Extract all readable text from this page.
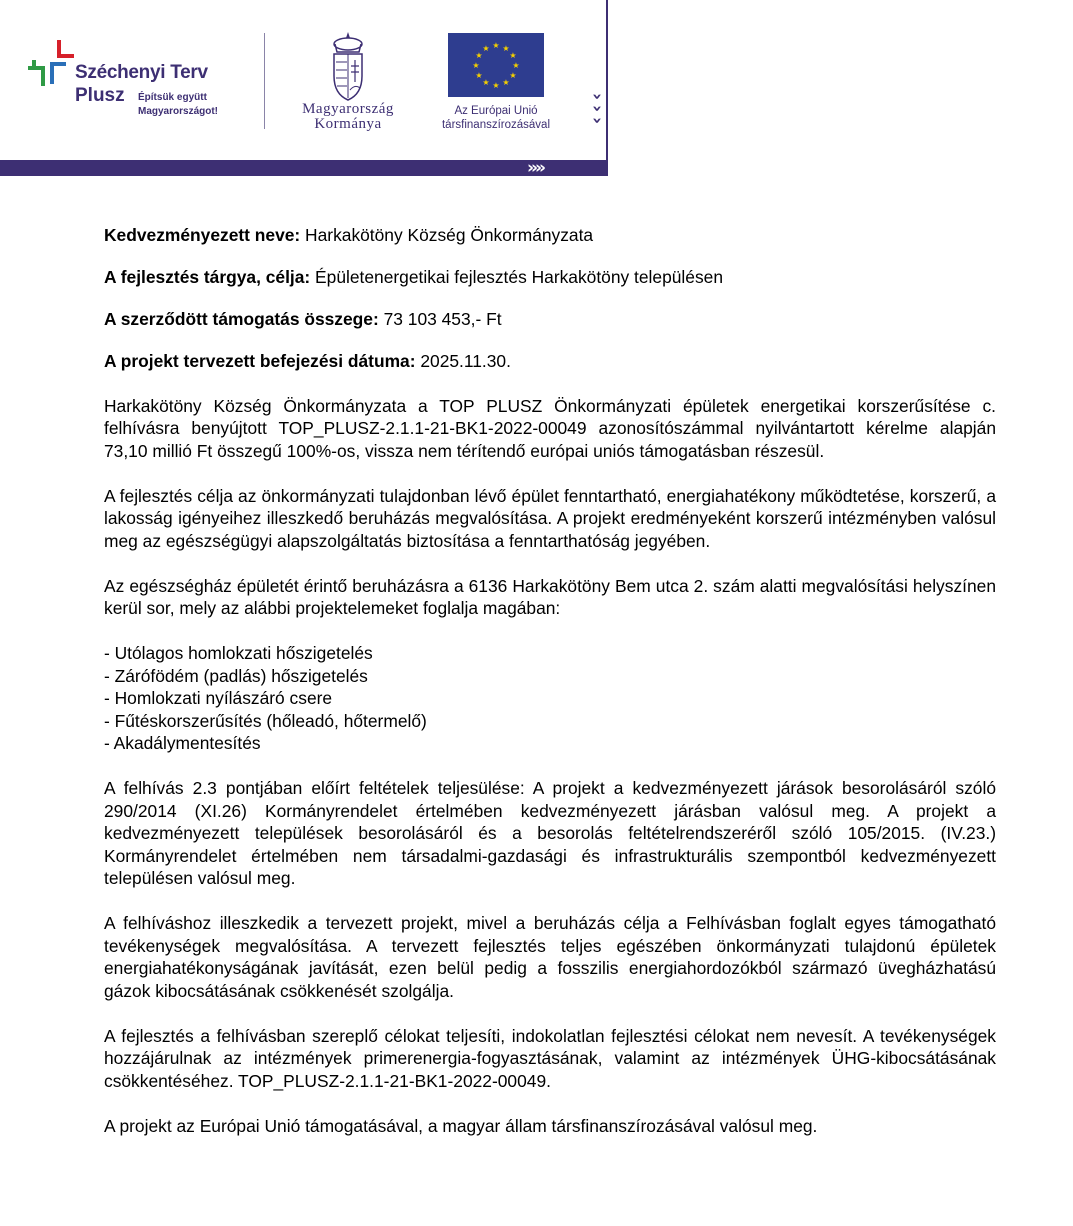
Széchenyi Terv
Plusz Építsük együtt
Magyarországot!	Magyarország
Kormánya
★ ★
★
★
★
★
★
★
★
★
★
★
Az Európai Unió
társfinanszírozásával
›
›
›
››››
Kedvezményezett neve: Harkakötöny Község Önkormányzata
A fejlesztés tárgya, célja: Épületenergetikai fejlesztés Harkakötöny településen
A szerződött támogatás összege: 73 103 453,- Ft
A projekt tervezett befejezési dátuma: 2025.11.30.

Harkakötöny Község Önkormányzata a TOP PLUSZ Önkormányzati épületek energetikai korszerűsítése c. felhívásra benyújtott TOP_PLUSZ-2.1.1-21-BK1-2022-00049 azonosítószámmal nyilvántartott kérelme alapján 73,10 millió Ft összegű 100%-os, vissza nem térítendő európai uniós támogatásban részesül.

A fejlesztés célja az önkormányzati tulajdonban lévő épület fenntartható, energiahatékony működtetése, korszerű, a lakosság igényeihez illeszkedő beruházás megvalósítása. A projekt eredményeként korszerű intézményben valósul meg az egészségügyi alapszolgáltatás biztosítása a fenntarthatóság jegyében.

Az egészségház épületét érintő beruházásra a 6136 Harkakötöny Bem utca 2. szám alatti megvalósítási helyszínen kerül sor, mely az alábbi projektelemeket foglalja magában:

- Utólagos homlokzati hőszigetelés
- Zárófödém (padlás) hőszigetelés
- Homlokzati nyílászáró csere
- Fűtéskorszerűsítés (hőleadó, hőtermelő)
- Akadálymentesítés

A felhívás 2.3 pontjában előírt feltételek teljesülése: A projekt a kedvezményezett járások besorolásáról szóló 290/2014 (XI.26) Kormányrendelet értelmében kedvezményezett járásban valósul meg. A projekt a kedvezményezett települések besorolásáról és a besorolás feltételrendszeréről szóló 105/2015. (IV.23.) Kormányrendelet értelmében nem társadalmi-gazdasági és infrastrukturális szempontból kedvezményezett településen valósul meg.

A felhíváshoz illeszkedik a tervezett projekt, mivel a beruházás célja a Felhívásban foglalt egyes támogatható tevékenységek megvalósítása. A tervezett fejlesztés teljes egészében önkormányzati tulajdonú épületek energiahatékonyságának javítását, ezen belül pedig a fosszilis energiahordozókból származó üvegházhatású gázok kibocsátásának csökkenését szolgálja.

A fejlesztés a felhívásban szereplő célokat teljesíti, indokolatlan fejlesztési célokat nem nevesít. A tevékenységek hozzájárulnak az intézmények primerenergia-fogyasztásának, valamint az intézmények ÜHG-kibocsátásának csökkentéséhez. TOP_PLUSZ-2.1.1-21-BK1-2022-00049.

A projekt az Európai Unió támogatásával, a magyar állam társfinanszírozásával valósul meg.
